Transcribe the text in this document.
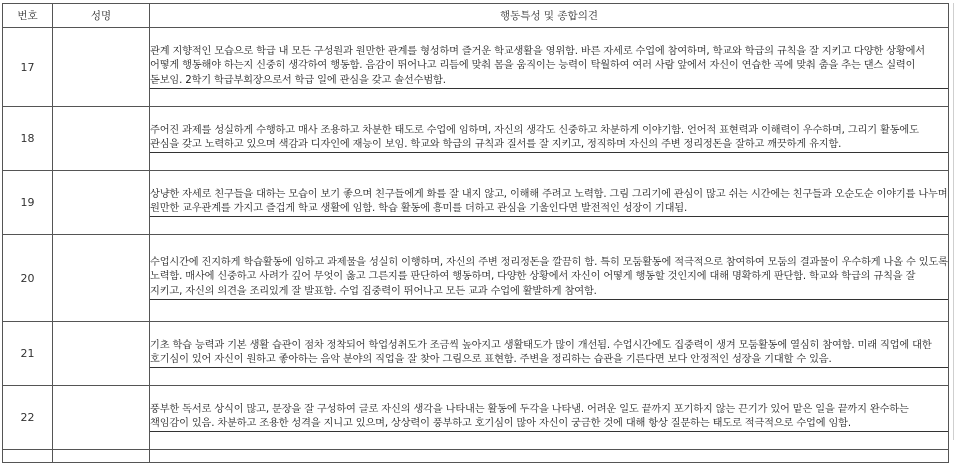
번호	성명	행동특성 및 종합의견
17		관계 지향적인 모습으로 학급 내 모든 구성원과 원만한 관계를 형성하며 즐거운 학교생활을 영위함. 바른 자세로 수업에 참여하며, 학교와 학급의 규칙을 잘 지키고 다양한 상황에서 어떻게 행동해야 하는지 신중히 생각하여 행동함. 음감이 뛰어나고 리듬에 맞춰 몸을 움직이는 능력이 탁월하여 여러 사람 앞에서 자신이 연습한 곡에 맞춰 춤을 추는 댄스 실력이 돋보임. 2학기 학급부회장으로서 학급 일에 관심을 갖고 솔선수범함.

18		주어진 과제를 성실하게 수행하고 매사 조용하고 차분한 태도로 수업에 임하며, 자신의 생각도 신중하고 차분하게 이야기함. 언어적 표현력과 이해력이 우수하며, 그리기 활동에도 관심을 갖고 노력하고 있으며 색감과 디자인에 재능이 보임. 학교와 학급의 규칙과 질서를 잘 지키고, 정직하며 자신의 주변 정리정돈을 잘하고 깨끗하게 유지함.

19		상냥한 자세로 친구들을 대하는 모습이 보기 좋으며 친구들에게 화를 잘 내지 않고, 이해해 주려고 노력함. 그림 그리기에 관심이 많고 쉬는 시간에는 친구들과 오순도순 이야기를 나누며 원만한 교우관계를 가지고 즐겁게 학교 생활에 임함. 학습 활동에 흥미를 더하고 관심을 기울인다면 발전적인 성장이 기대됨.

20		수업시간에 진지하게 학습활동에 임하고 과제물을 성실히 이행하며, 자신의 주변 정리정돈을 깔끔히 함. 특히 모둠활동에 적극적으로 참여하여 모둠의 결과물이 우수하게 나올 수 있도록 노력함. 매사에 신중하고 사려가 깊어 무엇이 옳고 그른지를 판단하여 행동하며, 다양한 상황에서 자신이 어떻게 행동할 것인지에 대해 명확하게 판단함. 학교와 학급의 규칙을 잘 지키고, 자신의 의견을 조리있게 잘 발표함. 수업 집중력이 뛰어나고 모든 교과 수업에 활발하게 참여함.

21		기초 학습 능력과 기본 생활 습관이 점차 정착되어 학업성취도가 조금씩 높아지고 생활태도가 많이 개선됨. 수업시간에도 집중력이 생겨 모둠활동에 열심히 참여함. 미래 직업에 대한 호기심이 있어 자신이 원하고 좋아하는 음악 분야의 직업을 잘 찾아 그림으로 표현함. 주변을 정리하는 습관을 기른다면 보다 안정적인 성장을 기대할 수 있음.

22		풍부한 독서로 상식이 많고, 문장을 잘 구성하여 글로 자신의 생각을 나타내는 활동에 두각을 나타냄. 어려운 일도 끝까지 포기하지 않는 끈기가 있어 맡은 일을 끝까지 완수하는 책임감이 있음. 차분하고 조용한 성격을 지니고 있으며, 상상력이 풍부하고 호기심이 많아 자신이 궁금한 것에 대해 항상 질문하는 태도로 적극적으로 수업에 임함.
